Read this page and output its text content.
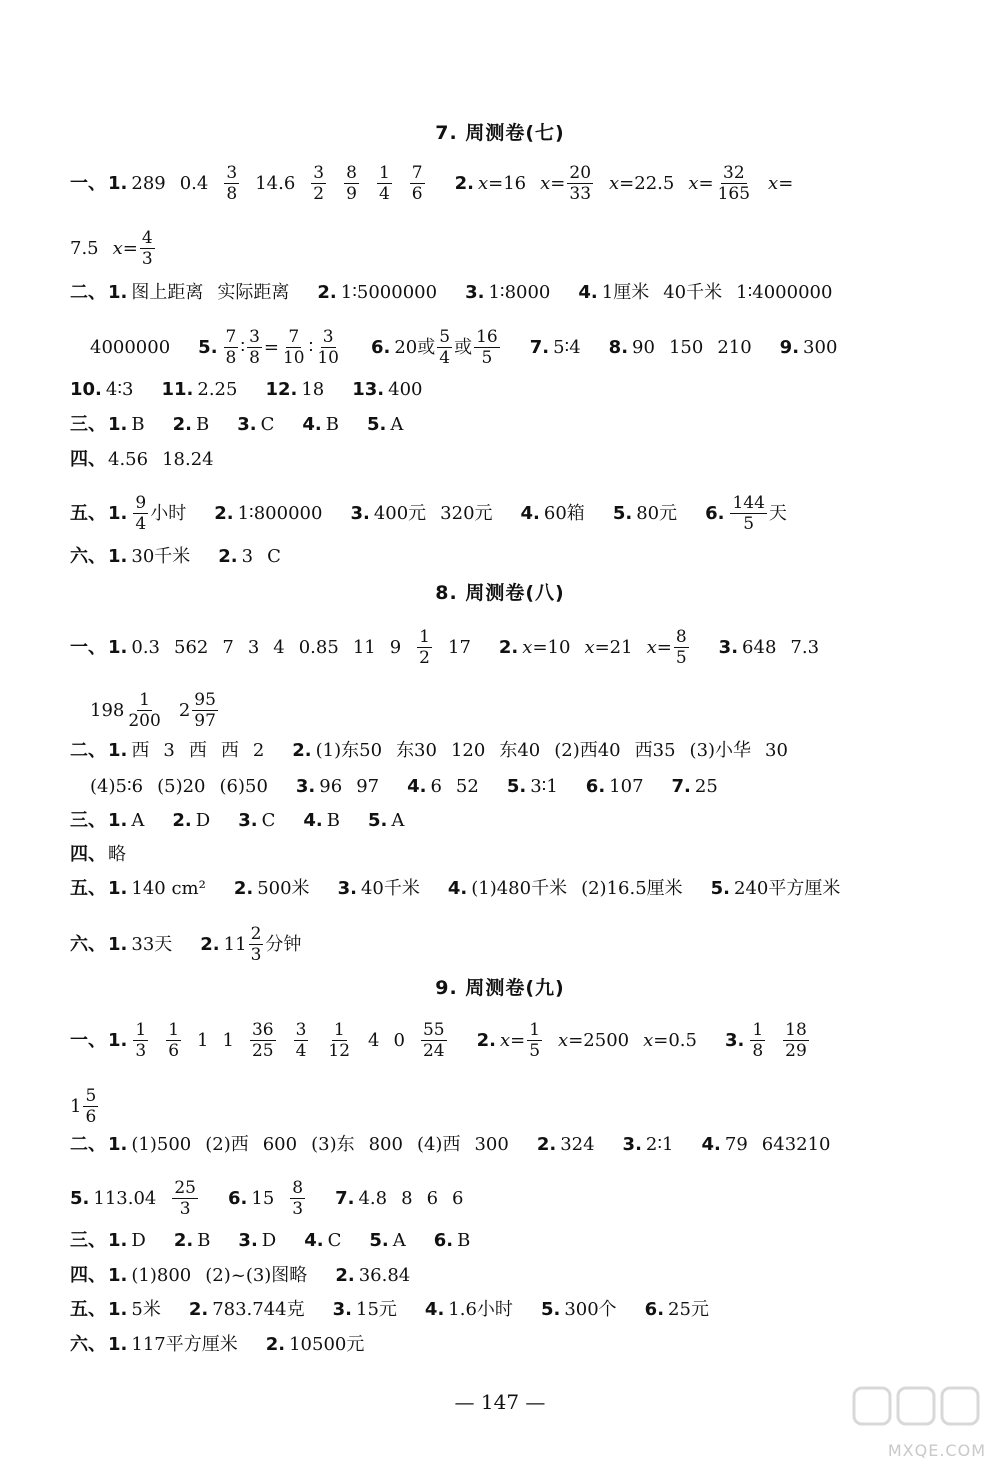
7. 周测卷(七)
一、 1. 289 $0.4 \frac{3}{8} 14.6 \frac{3}{2} \frac{8}{9} \frac{1}{4} \frac{7}{6} 2$. x=16 $x= \frac{20}{33} x=22.5$ $x= \frac{32}{165} x=$
7.5 $x= \frac{4}{3}$
二、 1. 图上距离 实际距离 2. 1∶5000000 3. 1∶8000 4. 1厘米 40千米 1∶4000000
4000000 5. $\frac{7}{8}$ ∶ $\frac{3}{8} = \frac{7}{10}$ ∶ $\frac{3}{10} 6$. 20或 $\frac{5}{4}$ 或 $\frac{16}{5} 7$. 5∶4 8. 90 150 210 9. 300
10. 4∶3 11. 2.25 12. 18 13. 400
三、 1. B 2. B 3. C 4. B 5. A
四、 4.56 18.24
五、 1. $\frac{9}{4}$ 小时 2. 1∶800000 3. 400元 320元 4. 60箱 5. 80元 6. $\frac{144}{5}$ 天
六、 1. 30千米 2. 3 C
8. 周测卷(八)
一、 1. 0.3 562 7 3 4 0.85 11 $9 \frac{1}{2} 17$ 2. x=10 x=21 $x= \frac{8}{5} 3$. 648 7.3
$198 \frac{1}{200} 2 \frac{95}{97}$
二、 1. 西 3 西 西 2 2. (1)东50 东30 120 东40 (2)西40 西35 (3)小华 30
(4)5∶6 (5)20 (6)50 3. 96 97 4. 6 52 5. 3∶1 6. 107 7. 25
三、 1. A 2. D 3. C 4. B 5. A
四、 略
五、 1. 140 cm² 2. 500米 3. 40千米 4. (1)480千米 (2)16.5厘米 5. 240平方厘米
六、 1. 33天 2. $11 \frac{2}{3}$ 分钟
9. 周测卷(九)
一、 1. $\frac{1}{3} \frac{1}{6} 1$ $1 \frac{36}{25} \frac{3}{4} \frac{1}{12} 4$ $0 \frac{55}{24} 2$. $x= \frac{1}{5} x=2500$ x=0.5 3. $\frac{1}{8} \frac{18}{29}$
$1 \frac{5}{6}$
二、 1. (1)500 (2)西 600 (3)东 800 (4)西 300 2. 324 3. 2∶1 4. 79 643210
5. $113.04 \frac{25}{3} 6$. $15 \frac{8}{3} 7$. 4.8 8 6 6
三、 1. D 2. B 3. D 4. C 5. A 6. B
四、 1. (1)800 (2)~(3)图略 2. 36.84
五、 1. 5米 2. 783.744克 3. 15元 4. 1.6小时 5. 300个 6. 25元
六、 1. 117平方厘米 2. 10500元
— 147 —
MXQE.COM
